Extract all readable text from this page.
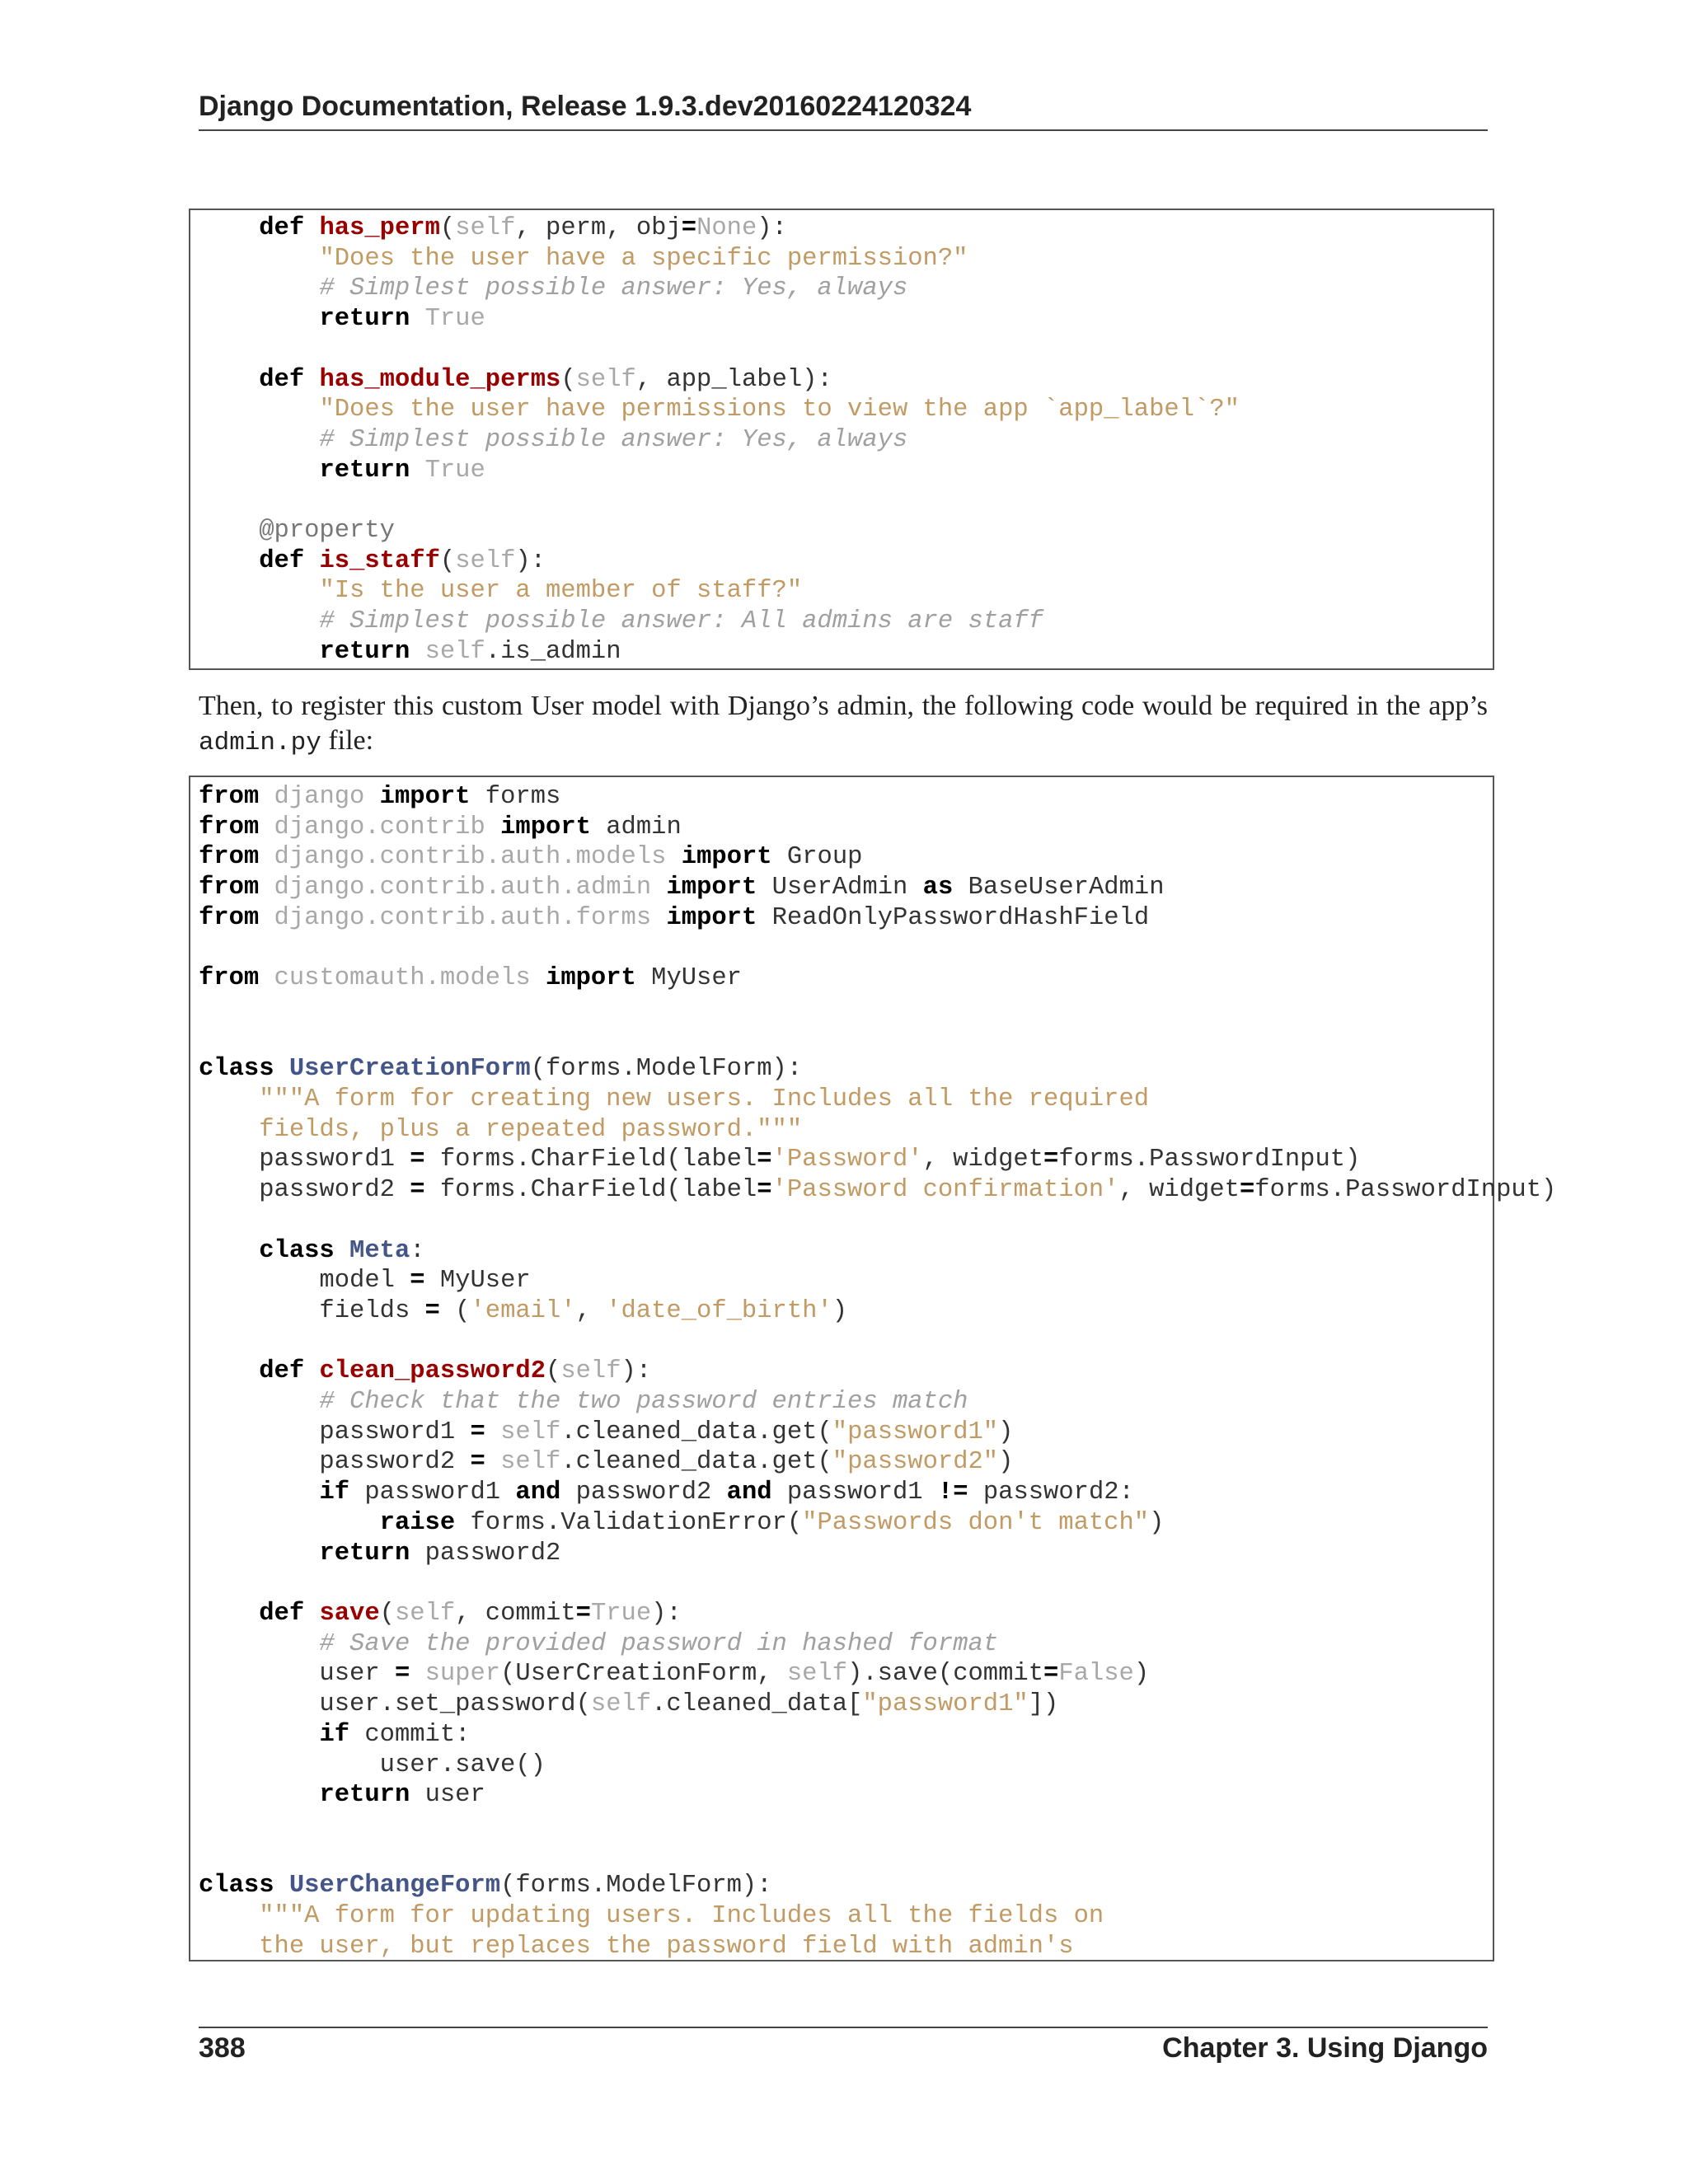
Django Documentation, Release 1.9.3.dev20160224120324
def has_perm(self, perm, obj=None):
"Does the user have a specific permission?"
# Simplest possible answer: Yes, always
return True

def has_module_perms(self, app_label):
"Does the user have permissions to view the app `app_label`?"
# Simplest possible answer: Yes, always
return True

@property
def is_staff(self):
"Is the user a member of staff?"
# Simplest possible answer: All admins are staff
return self.is_admin
Then, to register this custom User model with Django’s admin, the following code would be required in the app’s admin.py file:
from django import forms
from django.contrib import admin
from django.contrib.auth.models import Group
from django.contrib.auth.admin import UserAdmin as BaseUserAdmin
from django.contrib.auth.forms import ReadOnlyPasswordHashField

from customauth.models import MyUser

class UserCreationForm(forms.ModelForm):
"""A form for creating new users. Includes all the required
fields, plus a repeated password."""
password1 = forms.CharField(label='Password', widget=forms.PasswordInput)
password2 = forms.CharField(label='Password confirmation', widget=forms.PasswordInput)

class Meta:
model = MyUser
fields = ('email', 'date_of_birth')

def clean_password2(self):
# Check that the two password entries match
password1 = self.cleaned_data.get("password1")
password2 = self.cleaned_data.get("password2")
if password1 and password2 and password1 != password2:
raise forms.ValidationError("Passwords don't match")
return password2

def save(self, commit=True):
# Save the provided password in hashed format
user = super(UserCreationForm, self).save(commit=False)
user.set_password(self.cleaned_data["password1"])
if commit:
user.save()
return user

class UserChangeForm(forms.ModelForm):
"""A form for updating users. Includes all the fields on
the user, but replaces the password field with admin's
388	Chapter 3. Using Django
